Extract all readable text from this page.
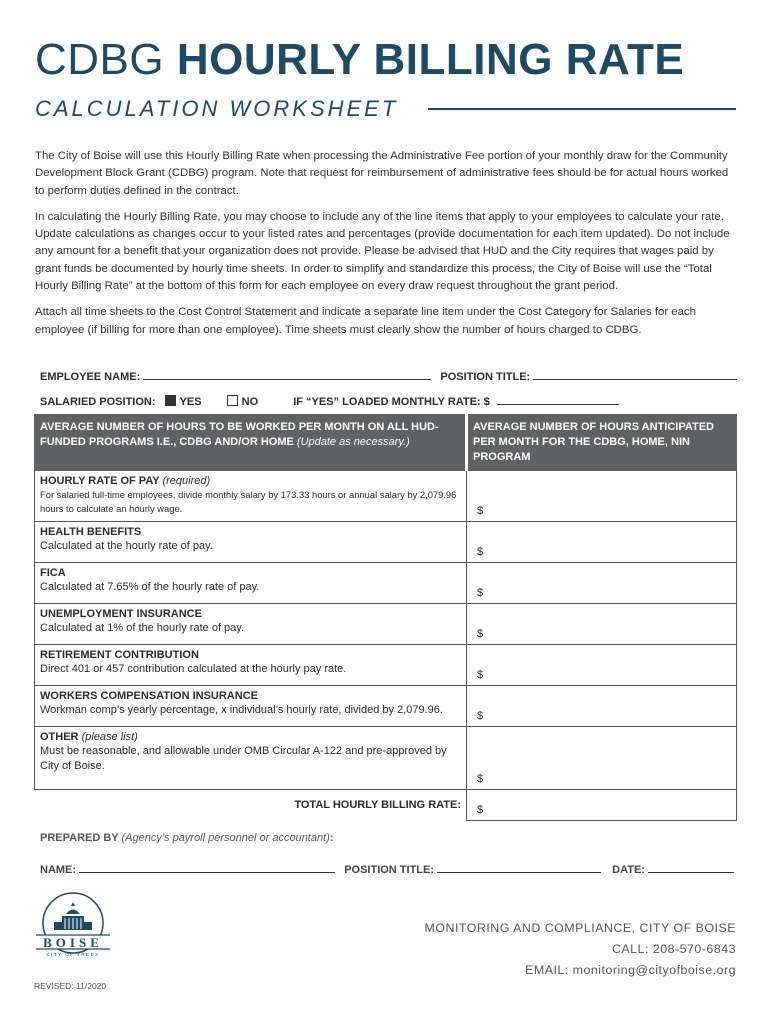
CDBG HOURLY BILLING RATE
CALCULATION WORKSHEET

The City of Boise will use this Hourly Billing Rate when processing the Administrative Fee portion of your monthly draw for the Community Development Block Grant (CDBG) program. Note that request for reimbursement of administrative fees should be for actual hours worked to perform duties defined in the contract.

In calculating the Hourly Billing Rate, you may choose to include any of the line items that apply to your employees to calculate your rate. Update calculations as changes occur to your listed rates and percentages (provide documentation for each item updated). Do not include any amount for a benefit that your organization does not provide. Please be advised that HUD and the City requires that wages paid by grant funds be documented by hourly time sheets. In order to simplify and standardize this process, the City of Boise will use the “Total Hourly Billing Rate” at the bottom of this form for each employee on every draw request throughout the grant period.

Attach all time sheets to the Cost Control Statement and indicate a separate line item under the Cost Category for Salaries for each employee (if billing for more than one employee). Time sheets must clearly show the number of hours charged to CDBG.

EMPLOYEE NAME:	POSITION TITLE:
SALARIED POSITION: YES	NO	IF “YES” LOADED MONTHLY RATE: $
AVERAGE NUMBER OF HOURS TO BE WORKED PER MONTH ON ALL HUD-FUNDED PROGRAMS I.E., CDBG AND/OR HOME (Update as necessary.)	AVERAGE NUMBER OF HOURS ANTICIPATED PER MONTH FOR THE CDBG, HOME, NIN PROGRAM

HOURLY RATE OF PAY (required)
For salaried full-time employees, divide monthly salary by 173.33 hours or annual salary by 2,079.96 hours to calculate an hourly wage.	$

HEALTH BENEFITS
Calculated at the hourly rate of pay.	$

FICA
Calculated at 7.65% of the hourly rate of pay.	$

UNEMPLOYMENT INSURANCE
Calculated at 1% of the hourly rate of pay.	$

RETIREMENT CONTRIBUTION
Direct 401 or 457 contribution calculated at the hourly pay rate.	$

WORKERS COMPENSATION INSURANCE
Workman comp’s yearly percentage, x individual’s hourly rate, divided by 2,079.96.	$

OTHER (please list)
Must be reasonable, and allowable under OMB Circular A-122 and pre-approved by City of Boise.	$

TOTAL HOURLY BILLING RATE:	$
PREPARED BY (Agency’s payroll personnel or accountant):
NAME:	POSITION TITLE:	DATE:
BOISE
CITY OF TREES
MONITORING AND COMPLIANCE, CITY OF BOISE
CALL: 208-570-6843
EMAIL: monitoring@cityofboise.org
REVISED: 11/2020
